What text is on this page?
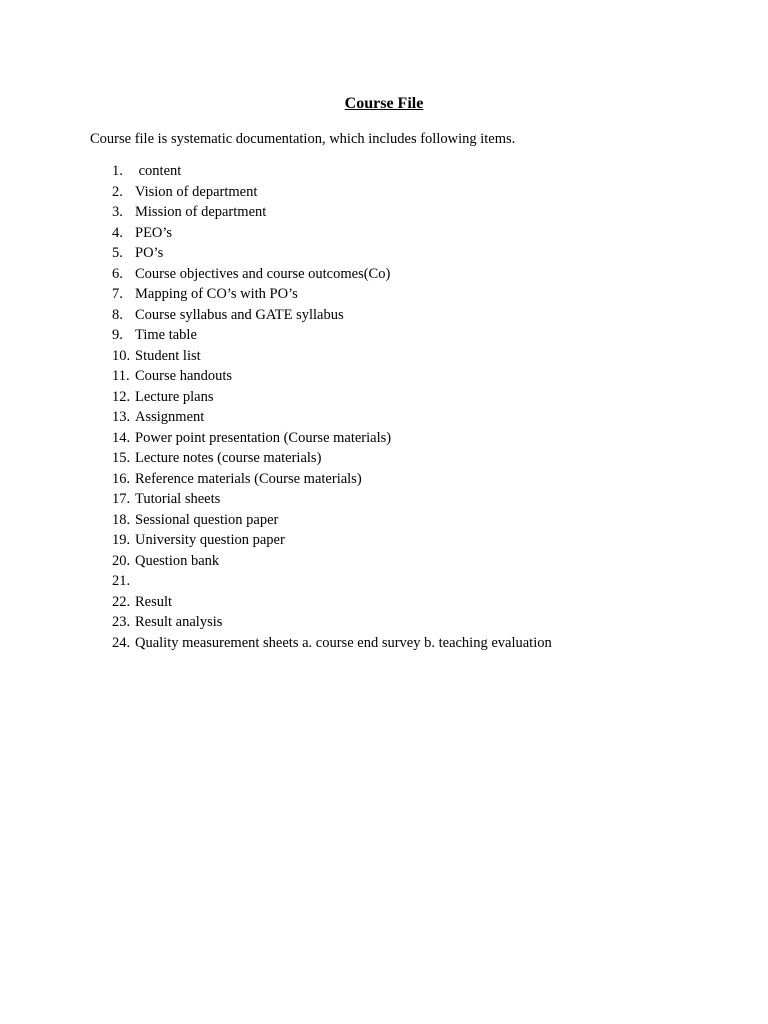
Course File
Course file is systematic documentation, which includes following items.
1. content
2. Vision of department
3. Mission of department
4. PEO’s
5. PO’s
6. Course objectives and course outcomes(Co)
7. Mapping of CO’s with PO’s
8. Course syllabus and GATE syllabus
9. Time table
10. Student list
11. Course handouts
12. Lecture plans
13. Assignment
14. Power point presentation (Course materials)
15. Lecture notes (course materials)
16. Reference materials (Course materials)
17. Tutorial sheets
18. Sessional question paper
19. University question paper
20. Question bank
21.
22. Result
23. Result analysis
24. Quality measurement sheets a. course end survey b. teaching evaluation
